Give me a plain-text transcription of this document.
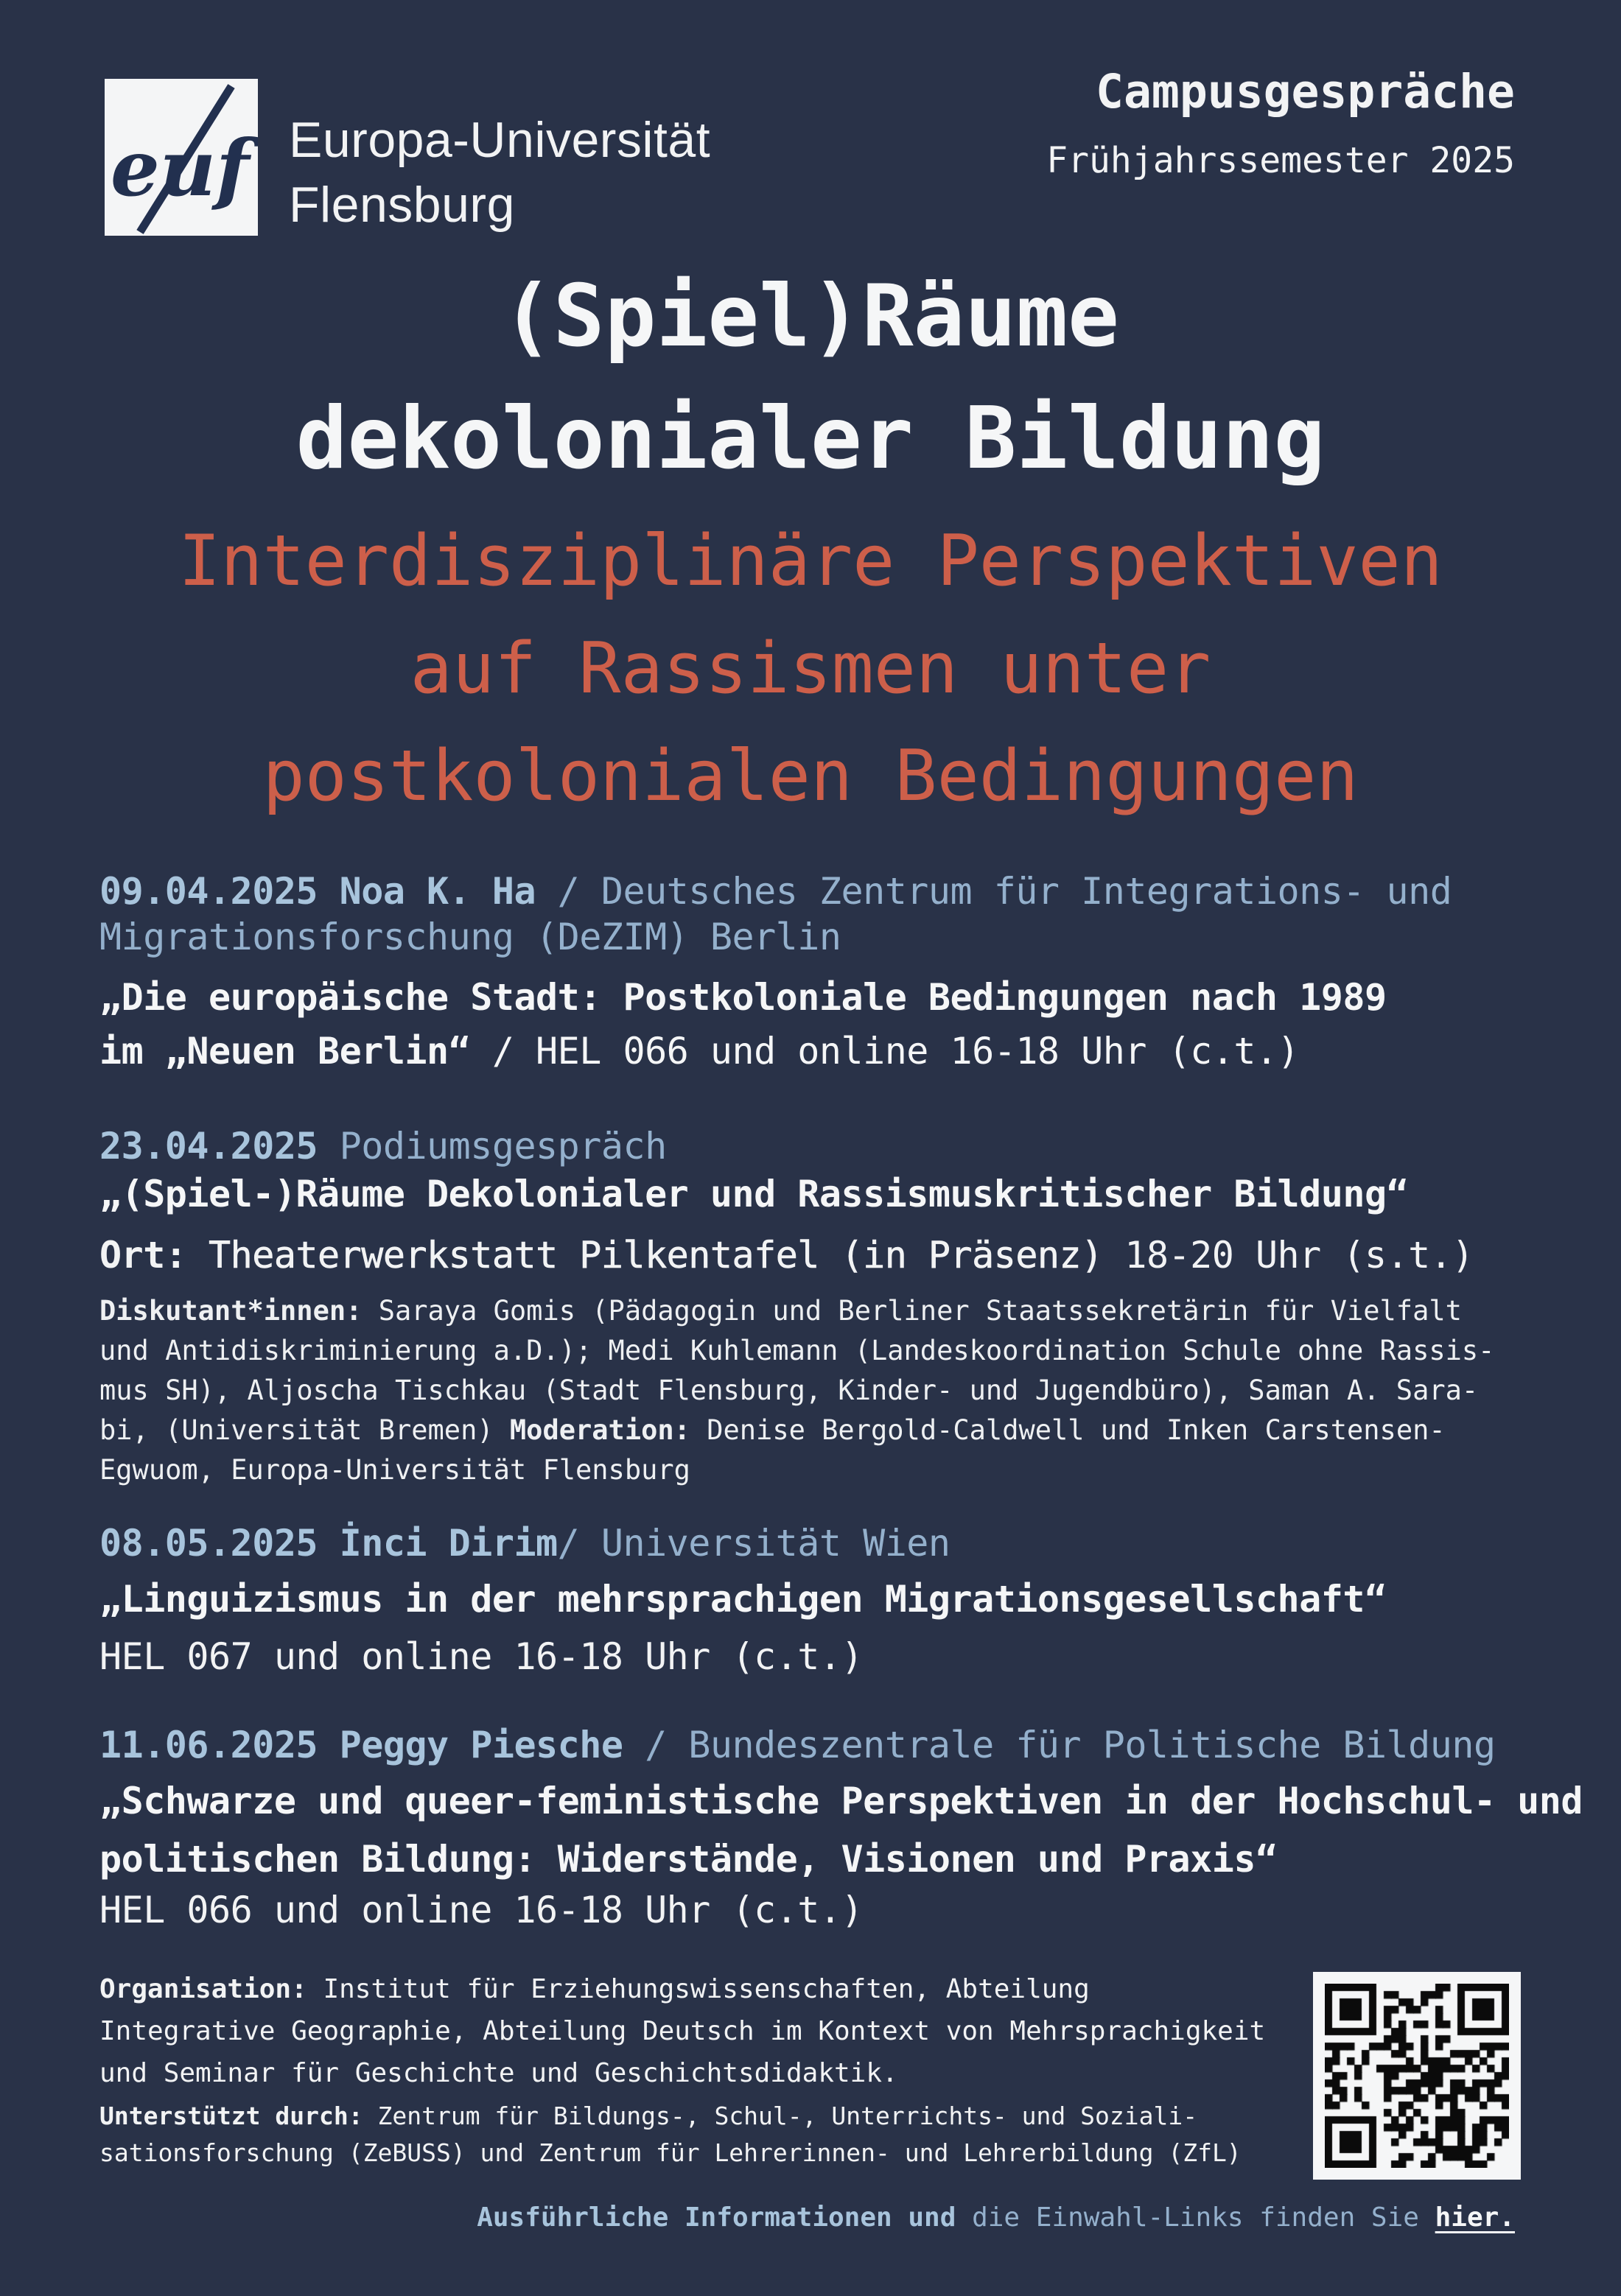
euf Europa-Universität
Flensburg
Campusgespräche
Frühjahrssemester 2025
(Spiel)Räume
dekolonialer Bildung
Interdisziplinäre Perspektiven
auf Rassismen unter
postkolonialen Bedingungen
09.04.2025 Noa K. Ha / Deutsches Zentrum für Integrations- und
Migrationsforschung (DeZIM) Berlin
„Die europäische Stadt: Postkoloniale Bedingungen nach 1989
im „Neuen Berlin“ / HEL 066 und online 16-18 Uhr (c.t.)
23.04.2025 Podiumsgespräch
„(Spiel-)Räume Dekolonialer und Rassismuskritischer Bildung“
Ort: Theaterwerkstatt Pilkentafel (in Präsenz) 18-20 Uhr (s.t.)
Diskutant*innen: Saraya Gomis (Pädagogin und Berliner Staatssekretärin für Vielfalt
und Antidiskriminierung a.D.); Medi Kuhlemann (Landeskoordination Schule ohne Rassis-
mus SH), Aljoscha Tischkau (Stadt Flensburg, Kinder- und Jugendbüro), Saman A. Sara-
bi, (Universität Bremen) Moderation: Denise Bergold-Caldwell und Inken Carstensen-
Egwuom, Europa-Universität Flensburg
08.05.2025 İnci Dirim/ Universität Wien
„Linguizismus in der mehrsprachigen Migrationsgesellschaft“
HEL 067 und online 16-18 Uhr (c.t.)
11.06.2025 Peggy Piesche / Bundeszentrale für Politische Bildung
„Schwarze und queer-feministische Perspektiven in der Hochschul- und
politischen Bildung: Widerstände, Visionen und Praxis“
HEL 066 und online 16-18 Uhr (c.t.)
Organisation: Institut für Erziehungswissenschaften, Abteilung
Integrative Geographie, Abteilung Deutsch im Kontext von Mehrsprachigkeit
und Seminar für Geschichte und Geschichtsdidaktik.
Unterstützt durch: Zentrum für Bildungs-, Schul-, Unterrichts- und Soziali-
sationsforschung (ZeBUSS) und Zentrum für Lehrerinnen- und Lehrerbildung (ZfL)
Ausführliche Informationen und die Einwahl-Links finden Sie hier.
